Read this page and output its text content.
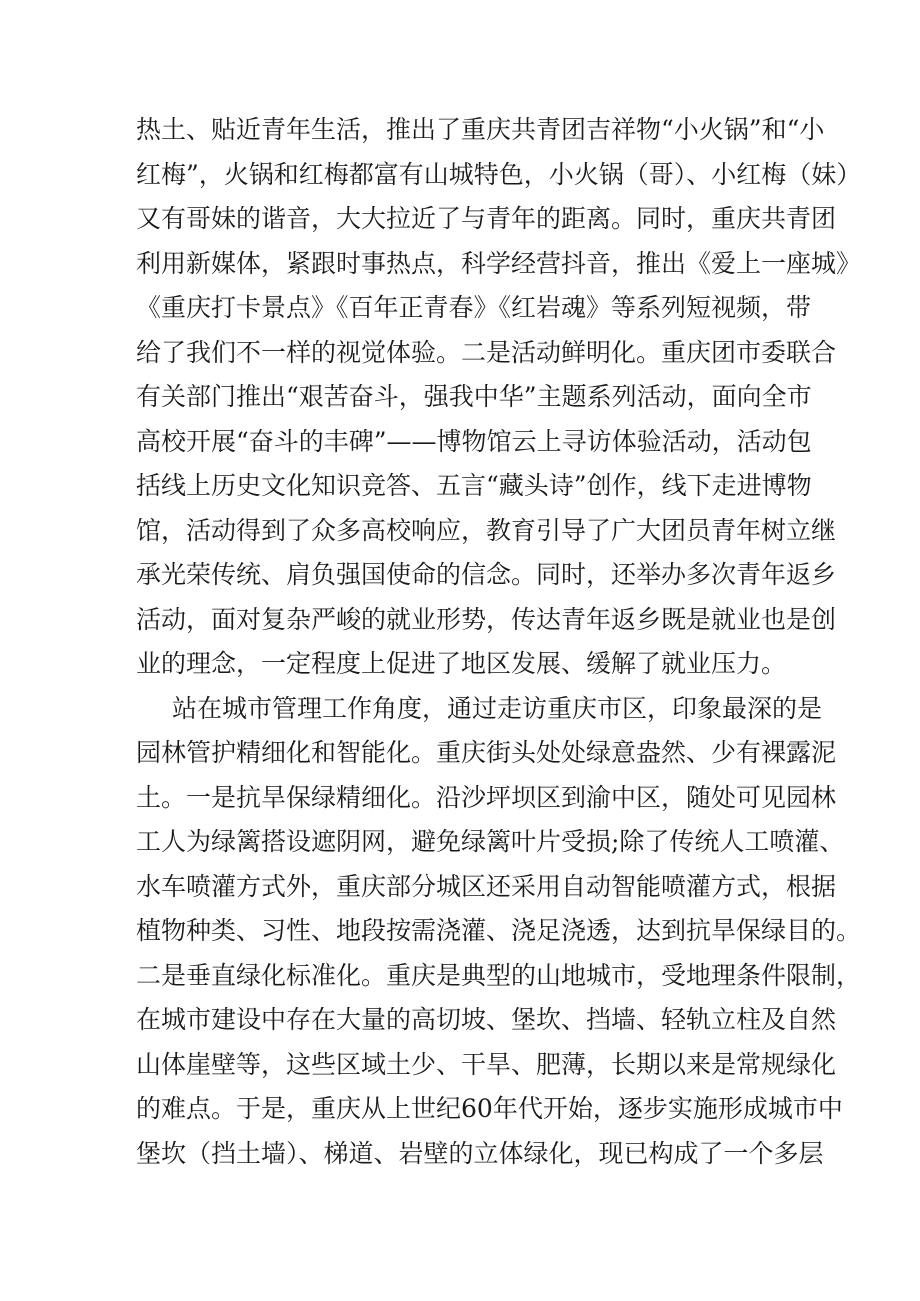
热土、贴近青年生活，推出了重庆共青团吉祥物“小火锅”和“小
红梅”，火锅和红梅都富有山城特色，小火锅（哥）、小红梅（妹）
又有哥妹的谐音，大大拉近了与青年的距离。同时，重庆共青团
利用新媒体，紧跟时事热点，科学经营抖音，推出《爱上一座城》
《重庆打卡景点》《百年正青春》《红岩魂》等系列短视频，带
给了我们不一样的视觉体验。二是活动鲜明化。重庆团市委联合
有关部门推出“艰苦奋斗，强我中华”主题系列活动，面向全市
高校开展“奋斗的丰碑”——博物馆云上寻访体验活动，活动包
括线上历史文化知识竞答、五言“藏头诗”创作，线下走进博物
馆，活动得到了众多高校响应，教育引导了广大团员青年树立继
承光荣传统、肩负强国使命的信念。同时，还举办多次青年返乡
活动，面对复杂严峻的就业形势，传达青年返乡既是就业也是创
业的理念，一定程度上促进了地区发展、缓解了就业压力。
站在城市管理工作角度，通过走访重庆市区，印象最深的是
园林管护精细化和智能化。重庆街头处处绿意盎然、少有裸露泥
土。一是抗旱保绿精细化。沿沙坪坝区到渝中区，随处可见园林
工人为绿篱搭设遮阴网，避免绿篱叶片受损;除了传统人工喷灌、
水车喷灌方式外，重庆部分城区还采用自动智能喷灌方式，根据
植物种类、习性、地段按需浇灌、浇足浇透，达到抗旱保绿目的。
二是垂直绿化标准化。重庆是典型的山地城市，受地理条件限制，
在城市建设中存在大量的高切坡、堡坎、挡墙、轻轨立柱及自然
山体崖壁等，这些区域土少、干旱、肥薄，长期以来是常规绿化
的难点。于是，重庆从上世纪60年代开始，逐步实施形成城市中
堡坎（挡土墙）、梯道、岩壁的立体绿化，现已构成了一个多层
